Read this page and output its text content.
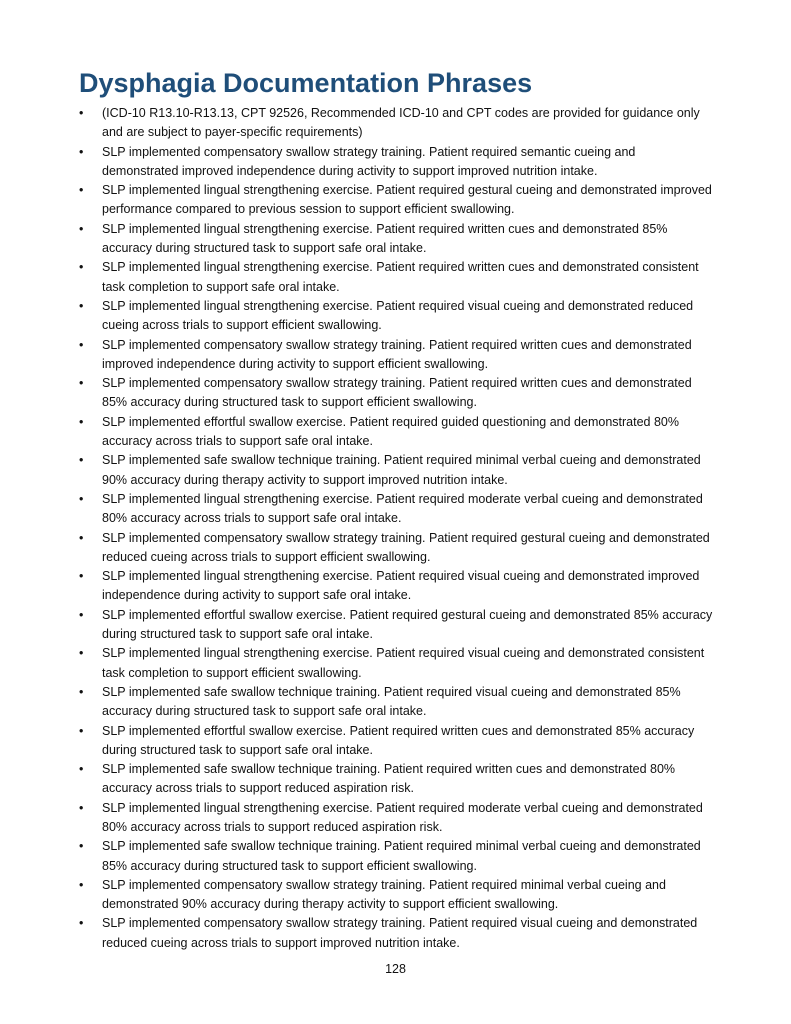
Dysphagia Documentation Phrases
• (ICD-10 R13.10-R13.13, CPT 92526, Recommended ICD-10 and CPT codes are provided for guidance only and are subject to payer-specific requirements)
• SLP implemented compensatory swallow strategy training. Patient required semantic cueing and demonstrated improved independence during activity to support improved nutrition intake.
• SLP implemented lingual strengthening exercise. Patient required gestural cueing and demonstrated improved performance compared to previous session to support efficient swallowing.
• SLP implemented lingual strengthening exercise. Patient required written cues and demonstrated 85% accuracy during structured task to support safe oral intake.
• SLP implemented lingual strengthening exercise. Patient required written cues and demonstrated consistent task completion to support safe oral intake.
• SLP implemented lingual strengthening exercise. Patient required visual cueing and demonstrated reduced cueing across trials to support efficient swallowing.
• SLP implemented compensatory swallow strategy training. Patient required written cues and demonstrated improved independence during activity to support efficient swallowing.
• SLP implemented compensatory swallow strategy training. Patient required written cues and demonstrated 85% accuracy during structured task to support efficient swallowing.
• SLP implemented effortful swallow exercise. Patient required guided questioning and demonstrated 80% accuracy across trials to support safe oral intake.
• SLP implemented safe swallow technique training. Patient required minimal verbal cueing and demonstrated 90% accuracy during therapy activity to support improved nutrition intake.
• SLP implemented lingual strengthening exercise. Patient required moderate verbal cueing and demonstrated 80% accuracy across trials to support safe oral intake.
• SLP implemented compensatory swallow strategy training. Patient required gestural cueing and demonstrated reduced cueing across trials to support efficient swallowing.
• SLP implemented lingual strengthening exercise. Patient required visual cueing and demonstrated improved independence during activity to support safe oral intake.
• SLP implemented effortful swallow exercise. Patient required gestural cueing and demonstrated 85% accuracy during structured task to support safe oral intake.
• SLP implemented lingual strengthening exercise. Patient required visual cueing and demonstrated consistent task completion to support efficient swallowing.
• SLP implemented safe swallow technique training. Patient required visual cueing and demonstrated 85% accuracy during structured task to support safe oral intake.
• SLP implemented effortful swallow exercise. Patient required written cues and demonstrated 85% accuracy during structured task to support safe oral intake.
• SLP implemented safe swallow technique training. Patient required written cues and demonstrated 80% accuracy across trials to support reduced aspiration risk.
• SLP implemented lingual strengthening exercise. Patient required moderate verbal cueing and demonstrated 80% accuracy across trials to support reduced aspiration risk.
• SLP implemented safe swallow technique training. Patient required minimal verbal cueing and demonstrated 85% accuracy during structured task to support efficient swallowing.
• SLP implemented compensatory swallow strategy training. Patient required minimal verbal cueing and demonstrated 90% accuracy during therapy activity to support efficient swallowing.
• SLP implemented compensatory swallow strategy training. Patient required visual cueing and demonstrated reduced cueing across trials to support improved nutrition intake.
128
